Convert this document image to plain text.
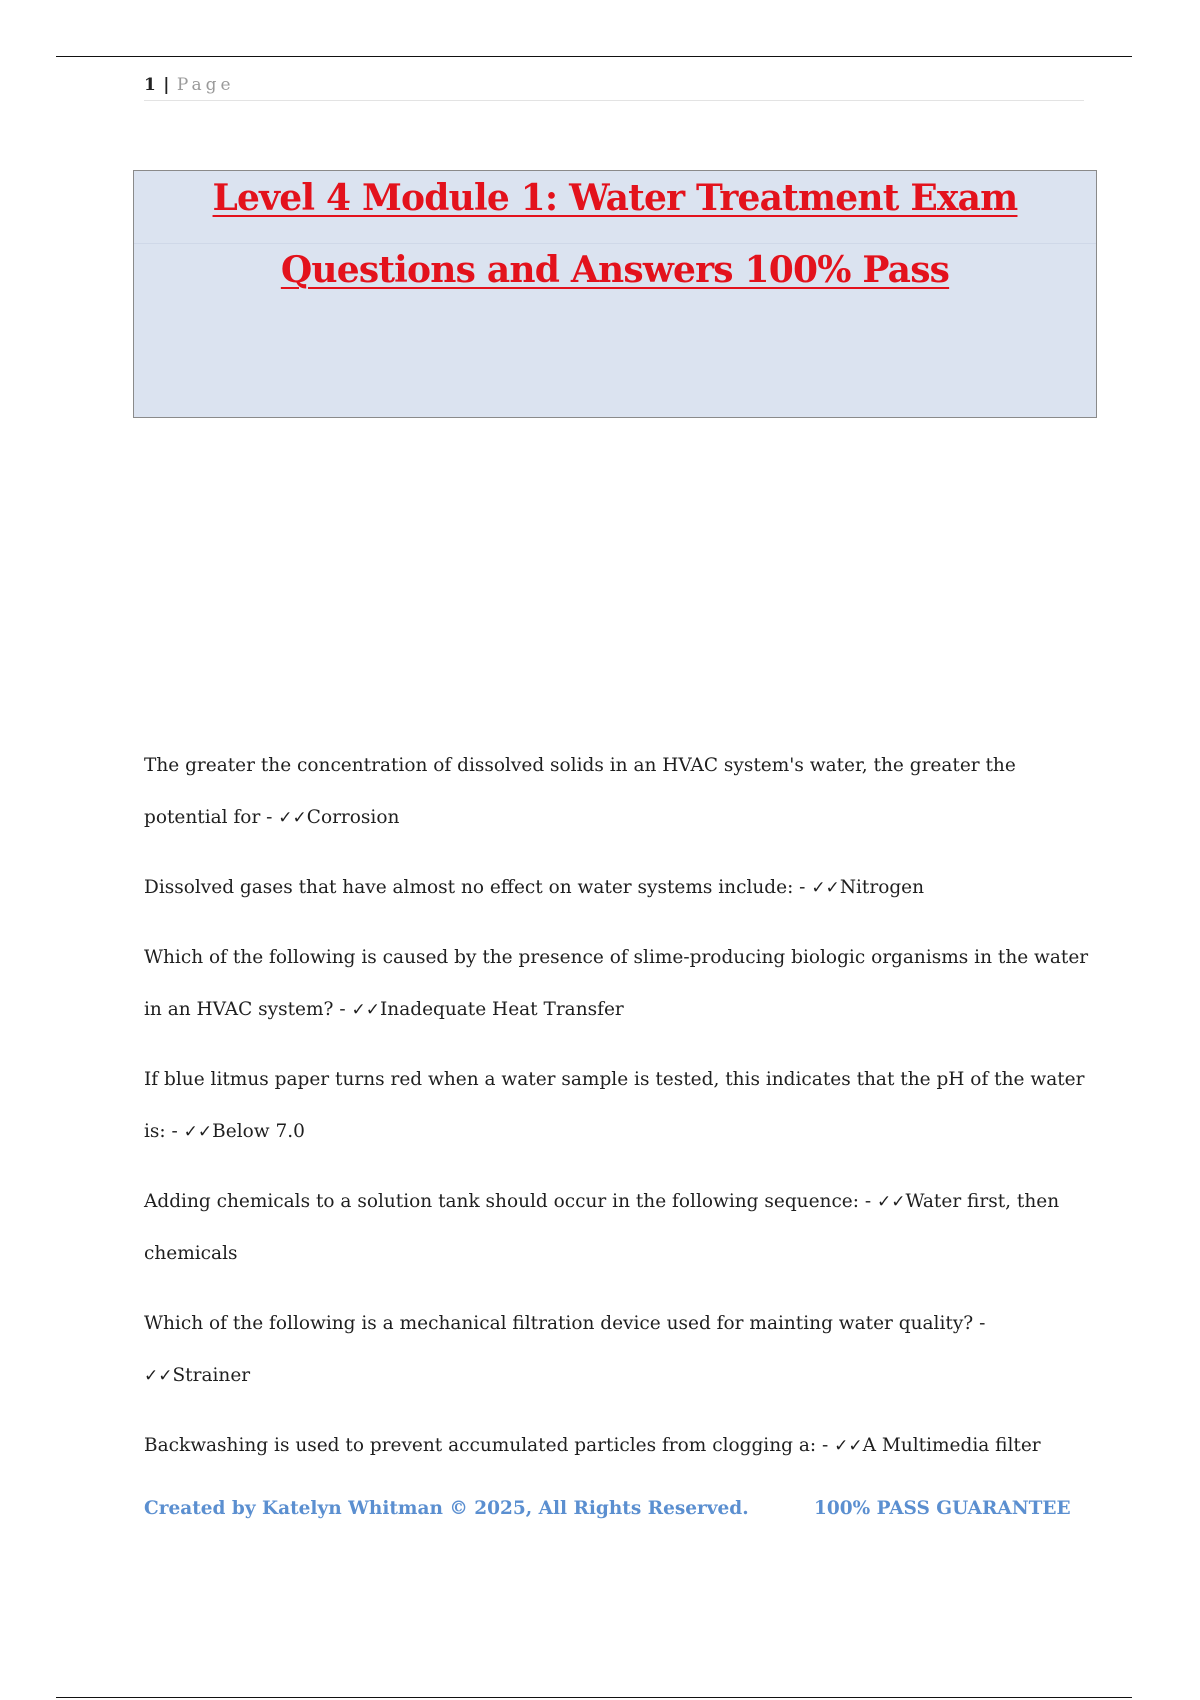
1 | Page
Level 4 Module 1: Water Treatment Exam
Questions and Answers 100% Pass
The greater the concentration of dissolved solids in an HVAC system's water, the greater the potential for - ✓✓Corrosion
Dissolved gases that have almost no effect on water systems include: - ✓✓Nitrogen
Which of the following is caused by the presence of slime-producing biologic organisms in the water in an HVAC system? - ✓✓Inadequate Heat Transfer
If blue litmus paper turns red when a water sample is tested, this indicates that the pH of the water is: - ✓✓Below 7.0
Adding chemicals to a solution tank should occur in the following sequence: - ✓✓Water first, then chemicals
Which of the following is a mechanical filtration device used for mainting water quality? - ✓✓Strainer
Backwashing is used to prevent accumulated particles from clogging a: - ✓✓A Multimedia filter
Created by Katelyn Whitman © 2025, All Rights Reserved.	100% PASS GUARANTEE
